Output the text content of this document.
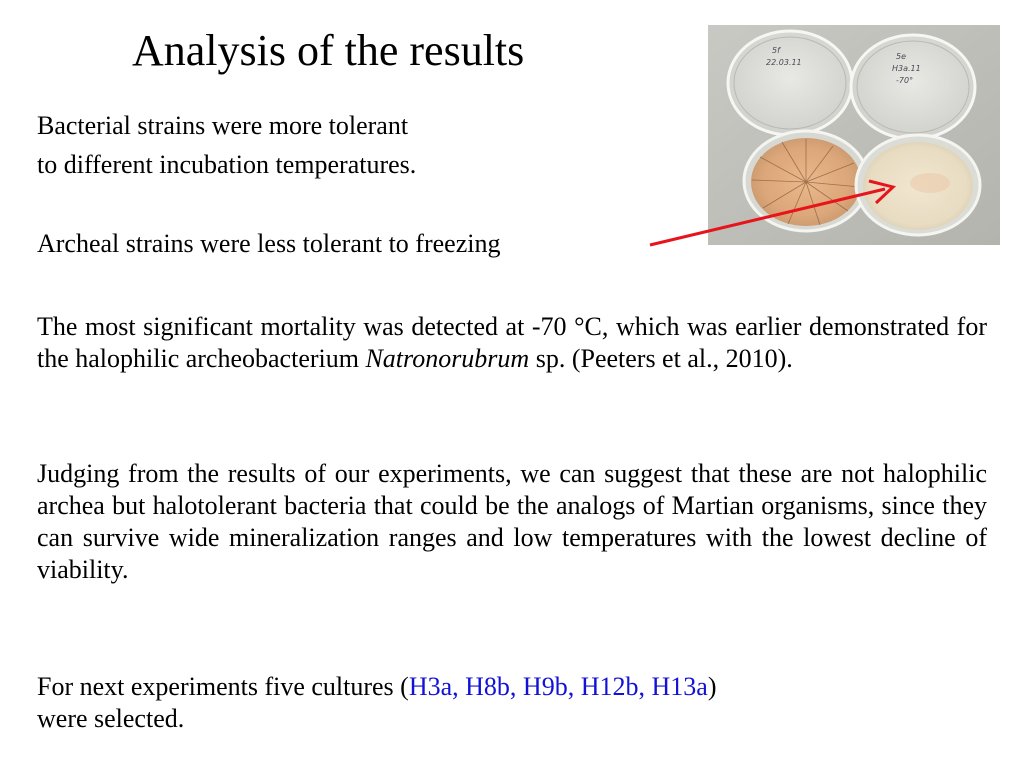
Analysis of the results
Bacterial strains were more tolerant
to different incubation temperatures.
Archeal strains were less tolerant to freezing
The most significant mortality was detected at -70 °C, which was earlier demonstrated for the halophilic archeobacterium Natronorubrum sp. (Peeters et al., 2010).
Judging from the results of our experiments, we can suggest that these are not halophilic archea but halotolerant bacteria that could be the analogs of Martian organisms, since they can survive wide mineralization ranges and low temperatures with the lowest decline of viability.
For next experiments five cultures (H3a, H8b, H9b, H12b, H13a)
were selected.
5f
22.03.11
5e
H3a.11
-70°
